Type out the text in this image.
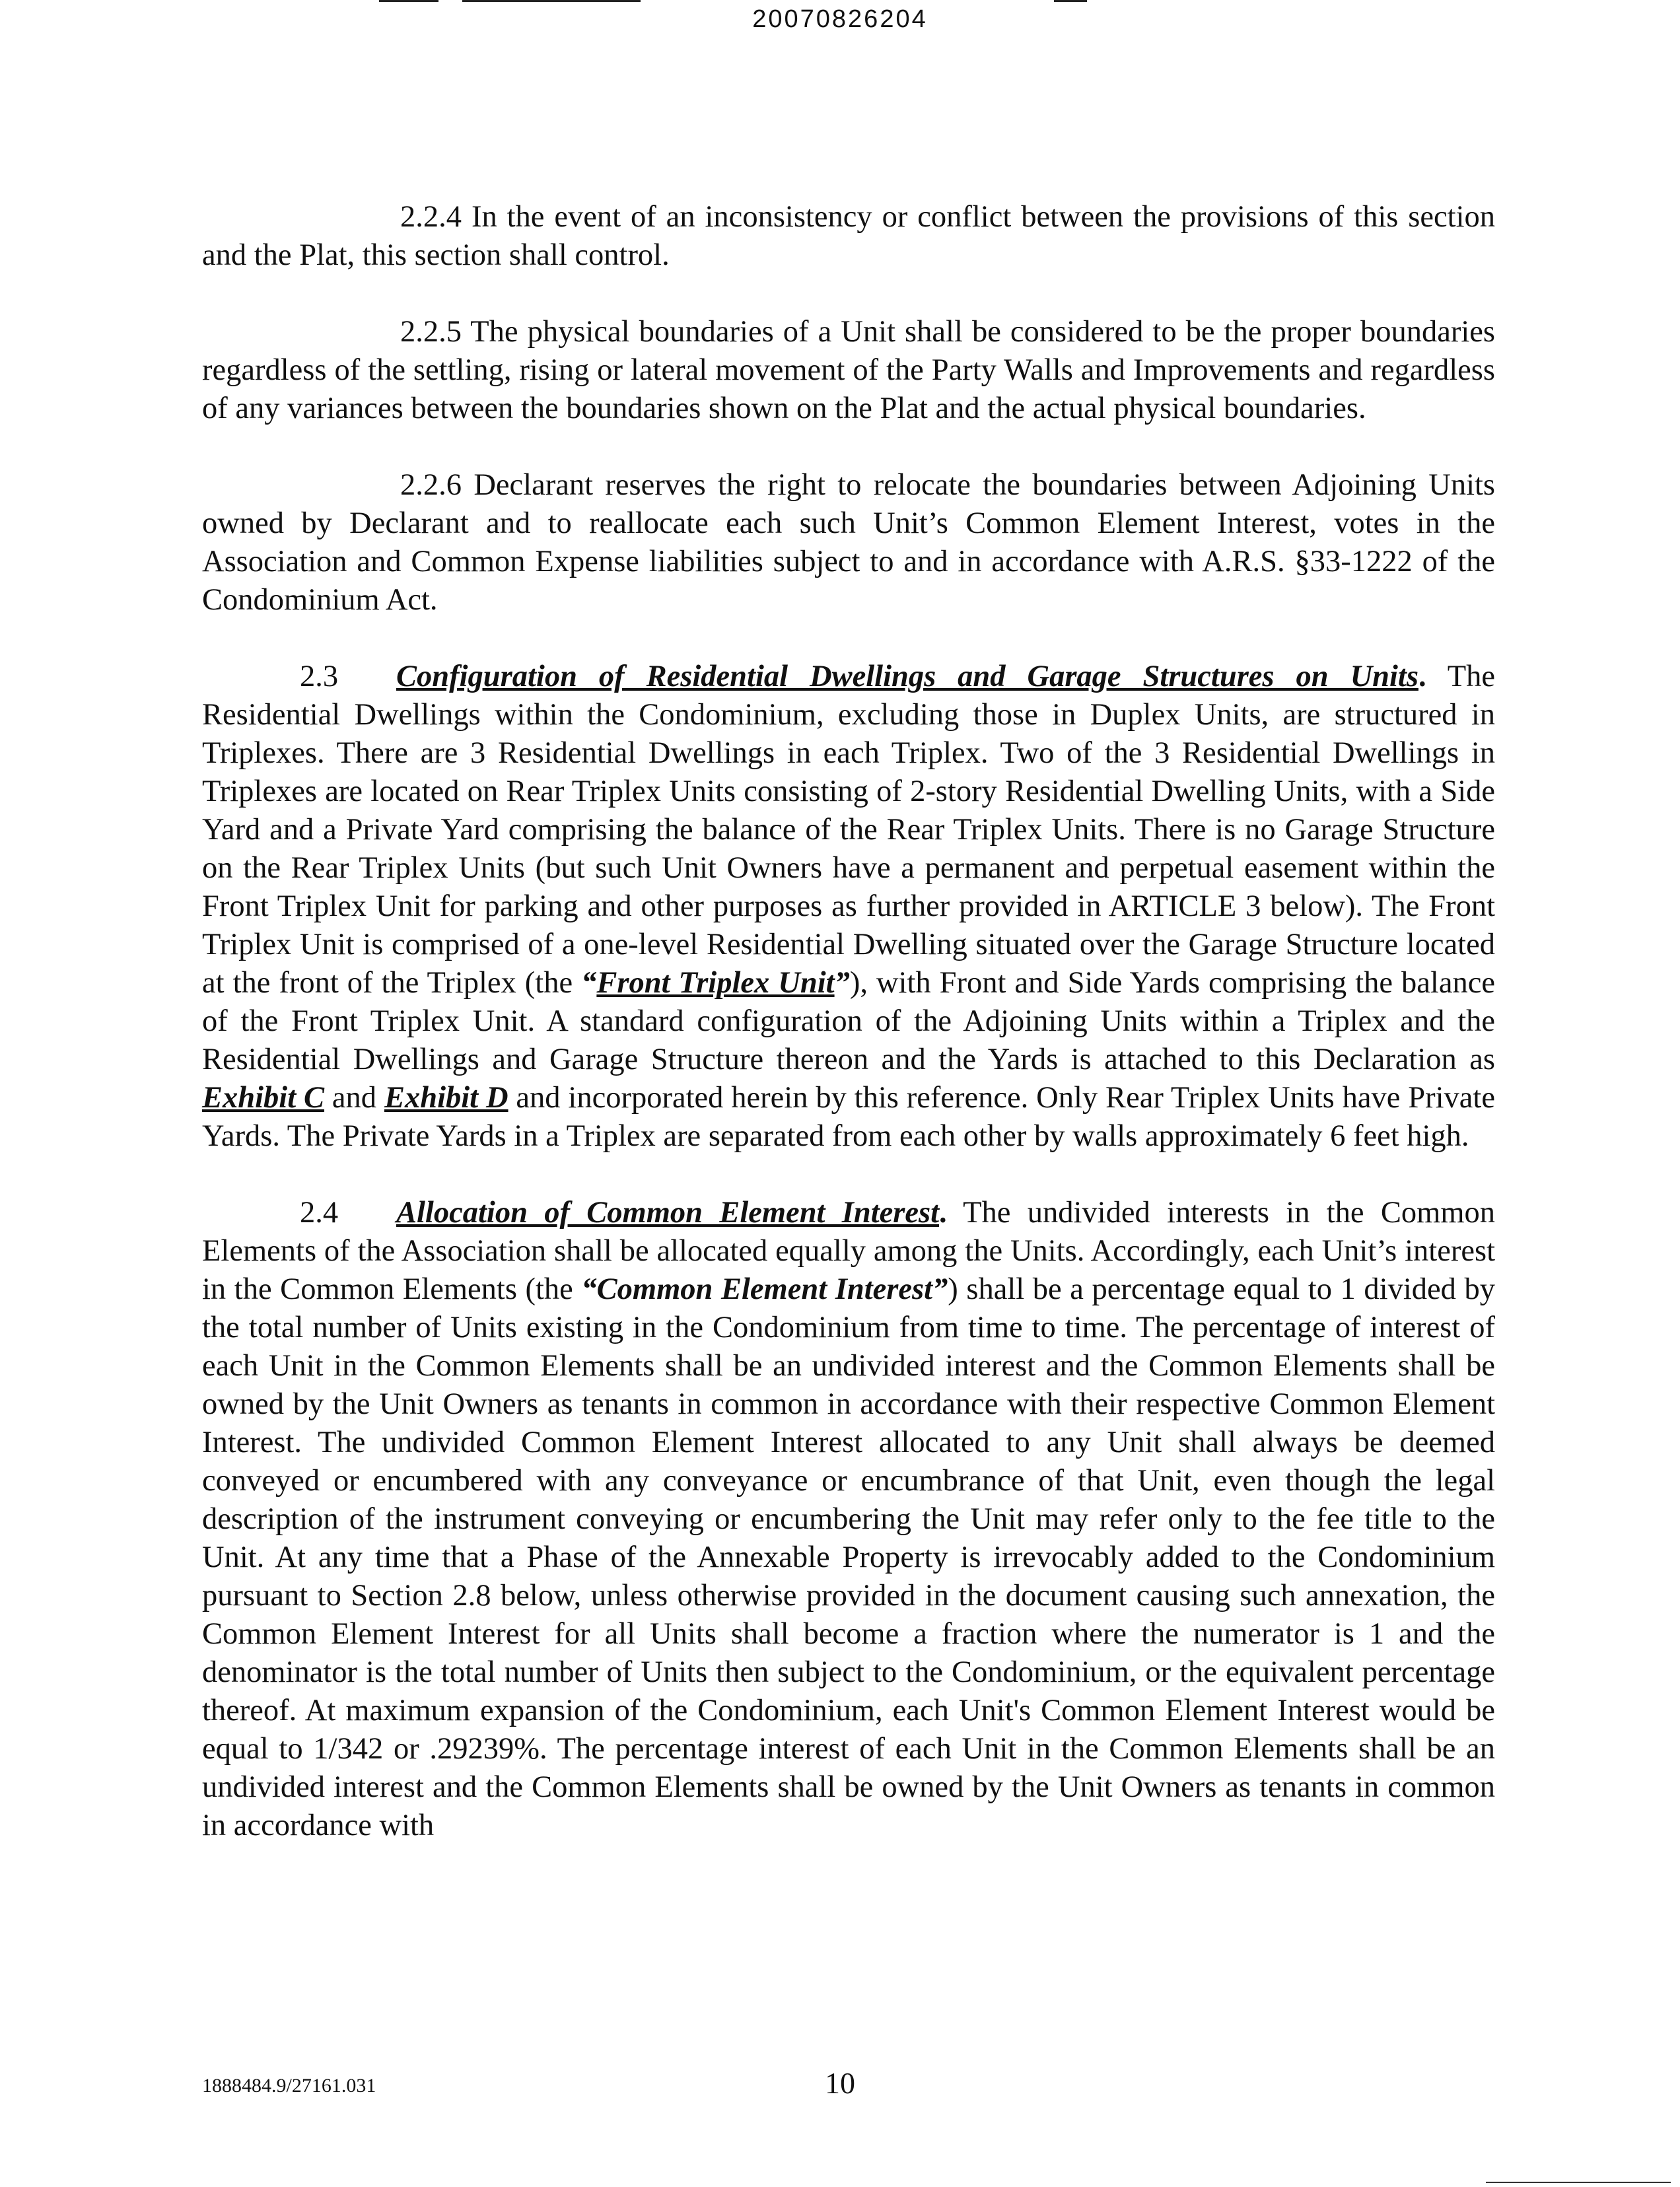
20070826204

2.2.4 In the event of an inconsistency or conflict between the provisions of this section and the Plat, this section shall control.

2.2.5 The physical boundaries of a Unit shall be considered to be the proper boundaries regardless of the settling, rising or lateral movement of the Party Walls and Improvements and regardless of any variances between the boundaries shown on the Plat and the actual physical boundaries.

2.2.6 Declarant reserves the right to relocate the boundaries between Adjoining Units owned by Declarant and to reallocate each such Unit’s Common Element Interest, votes in the Association and Common Expense liabilities subject to and in accordance with A.R.S. §33-1222 of the Condominium Act.

2.3 Configuration of Residential Dwellings and Garage Structures on Units. The Residential Dwellings within the Condominium, excluding those in Duplex Units, are structured in Triplexes. There are 3 Residential Dwellings in each Triplex. Two of the 3 Residential Dwellings in Triplexes are located on Rear Triplex Units consisting of 2-story Residential Dwelling Units, with a Side Yard and a Private Yard comprising the balance of the Rear Triplex Units. There is no Garage Structure on the Rear Triplex Units (but such Unit Owners have a permanent and perpetual easement within the Front Triplex Unit for parking and other purposes as further provided in ARTICLE 3 below). The Front Triplex Unit is comprised of a one-level Residential Dwelling situated over the Garage Structure located at the front of the Triplex (the “Front Triplex Unit”), with Front and Side Yards comprising the balance of the Front Triplex Unit. A standard configuration of the Adjoining Units within a Triplex and the Residential Dwellings and Garage Structure thereon and the Yards is attached to this Declaration as Exhibit C and Exhibit D and incorporated herein by this reference. Only Rear Triplex Units have Private Yards. The Private Yards in a Triplex are separated from each other by walls approximately 6 feet high.

2.4 Allocation of Common Element Interest. The undivided interests in the Common Elements of the Association shall be allocated equally among the Units. Accordingly, each Unit’s interest in the Common Elements (the “Common Element Interest”) shall be a percentage equal to 1 divided by the total number of Units existing in the Condominium from time to time. The percentage of interest of each Unit in the Common Elements shall be an undivided interest and the Common Elements shall be owned by the Unit Owners as tenants in common in accordance with their respective Common Element Interest. The undivided Common Element Interest allocated to any Unit shall always be deemed conveyed or encumbered with any conveyance or encumbrance of that Unit, even though the legal description of the instrument conveying or encumbering the Unit may refer only to the fee title to the Unit. At any time that a Phase of the Annexable Property is irrevocably added to the Condominium pursuant to Section 2.8 below, unless otherwise provided in the document causing such annexation, the Common Element Interest for all Units shall become a fraction where the numerator is 1 and the denominator is the total number of Units then subject to the Condominium, or the equivalent percentage thereof. At maximum expansion of the Condominium, each Unit's Common Element Interest would be equal to 1/342 or .29239%. The percentage interest of each Unit in the Common Elements shall be an undivided interest and the Common Elements shall be owned by the Unit Owners as tenants in common in accordance with

1888484.9/27161.031	10
